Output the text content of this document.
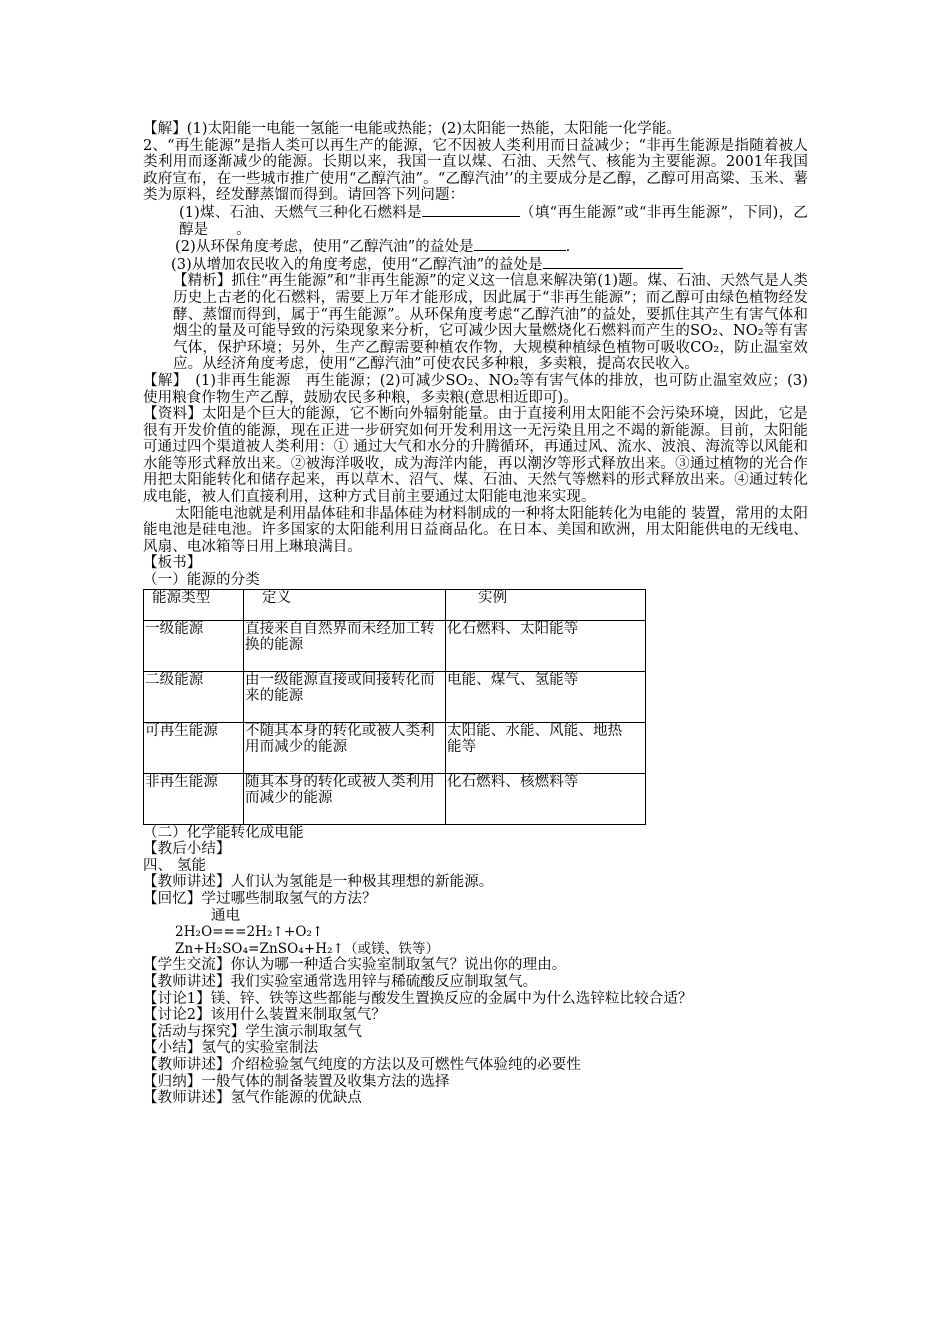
【解】(1)太阳能一电能一氢能一电能或热能；(2)太阳能一热能，太阳能一化学能。

2、“再生能源”是指人类可以再生产的能源，它不因被人类利用而日益减少；“非再生能源是指随着被人类利用而逐渐减少的能源。长期以来，我国一直以煤、石油、天然气、核能为主要能源。2001年我国政府宣布，在一些城市推广使用“乙醇汽油”。“乙醇汽油’’的主要成分是乙醇，乙醇可用高粱、玉米、薯类为原料，经发酵蒸馏而得到。请回答下列问题：

(1)煤、石油、天燃气三种化石燃料是	（填“再生能源”或“非再生能源”，下同)，乙醇是 。

(2)从环保角度考虑，使用“乙醇汽油”的益处是	.

(3)从增加农民收入的角度考虑，使用“乙醇汽油”的益处是

【精析】抓住“再生能源”和“非再生能源”的定义这一信息来解决第(1)题。煤、石油、天然气是人类历史上古老的化石燃料，需要上万年才能形成，因此属于“非再生能源”；而乙醇可由绿色植物经发酵、蒸馏而得到，属于“再生能源”。从环保角度考虑“乙醇汽油”的益处，要抓住其产生有害气体和烟尘的量及可能导致的污染现象来分析，它可减少因大量燃烧化石燃料而产生的SO₂、NO₂等有害气体，保护环境；另外，生产乙醇需要种植农作物，大规模种植绿色植物可吸收CO₂，防止温室效应。从经济角度考虑，使用“乙醇汽油”可使农民多种粮，多卖粮，提高农民收入。

【解】　(1)非再生能源　再生能源；(2)可减少SO₂、NO₂等有害气体的排放，也可防止温室效应；(3)使用粮食作物生产乙醇，鼓励农民多种粮，多卖粮(意思相近即可)。

【资料】太阳是个巨大的能源，它不断向外辐射能量。由于直接利用太阳能不会污染环境，因此，它是很有开发价值的能源，现在正进一步研究如何开发利用这一无污染且用之不竭的新能源。目前，太阳能可通过四个渠道被人类利用：① 通过大气和水分的升腾循环，再通过风、流水、波浪、海流等以风能和水能等形式释放出来。②被海洋吸收，成为海洋内能，再以潮汐等形式释放出来。③通过植物的光合作用把太阳能转化和储存起来，再以草木、沼气、煤、石油、天然气等燃料的形式释放出来。④通过转化成电能，被人们直接利用，这种方式目前主要通过太阳能电池来实现。

太阳能电池就是利用晶体硅和非晶体硅为材料制成的一种将太阳能转化为电能的 装置，常用的太阳能电池是硅电池。许多国家的太阳能利用日益商品化。在日本、美国和欧洲，用太阳能供电的无线电、风扇、电冰箱等日用上琳琅满目。

【板书】

（一）能源的分类

能源类型	定义	实例
一级能源	直接来自自然界而未经加工转换的能源	化石燃料、太阳能等
二级能源	由一级能源直接或间接转化而来的能源	电能、煤气、氢能等
可再生能源	不随其本身的转化或被人类利用而减少的能源	太阳能、水能、风能、地热
能等
非再生能源	随其本身的转化或被人类利用而减少的能源	化石燃料、核燃料等

（二）化学能转化成电能

【教后小结】

四、 氢能

【教师讲述】人们认为氢能是一种极其理想的新能源。

【回忆】学过哪些制取氢气的方法？

通电

2H₂O===2H₂↑+O₂↑

Zn+H₂SO₄=ZnSO₄+H₂↑（或镁、铁等）

【学生交流】你认为哪一种适合实验室制取氢气？说出你的理由。

【教师讲述】我们实验室通常选用锌与稀硫酸反应制取氢气。

【讨论1】镁、锌、铁等这些都能与酸发生置换反应的金属中为什么选锌粒比较合适？

【讨论2】该用什么装置来制取氢气？

【活动与探究】学生演示制取氢气

【小结】氢气的实验室制法

【教师讲述】介绍检验氢气纯度的方法以及可燃性气体验纯的必要性

【归纳】一般气体的制备装置及收集方法的选择

【教师讲述】氢气作能源的优缺点
